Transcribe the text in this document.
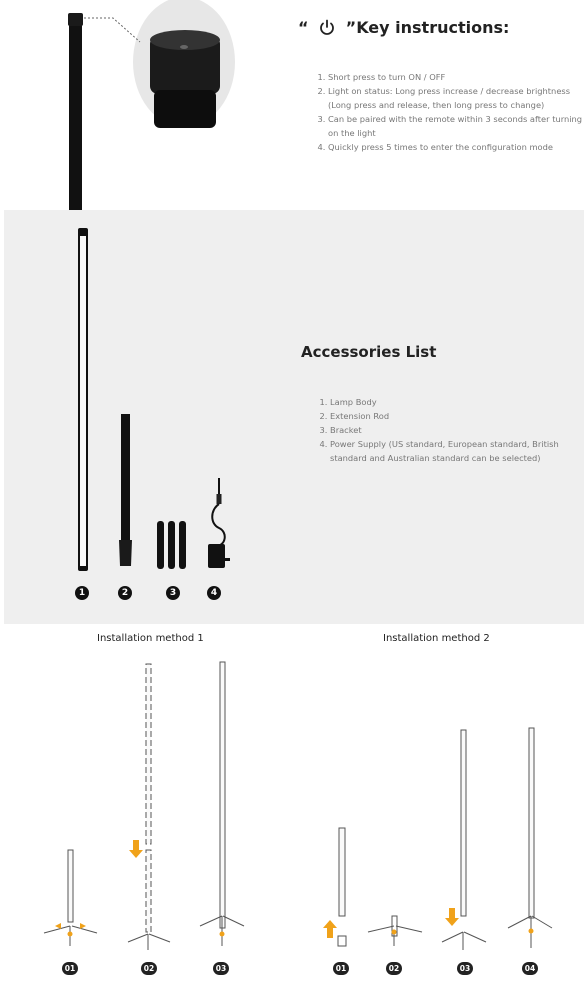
“ ”Key instructions:
1. Short press to turn ON / OFF
2. Light on status: Long press increase / decrease brightness (Long press and release, then long press to change)
3. Can be paired with the remote within 3 seconds after turning on the light
4. Quickly press 5 times to enter the configuration mode
1	2	3	4
Accessories List
1. Lamp Body
2. Extension Rod
3. Bracket
4. Power Supply (US standard, European standard, British standard and Australian standard can be selected)
Installation method 1	Installation method 2
01	02	03	01	02	03	04
